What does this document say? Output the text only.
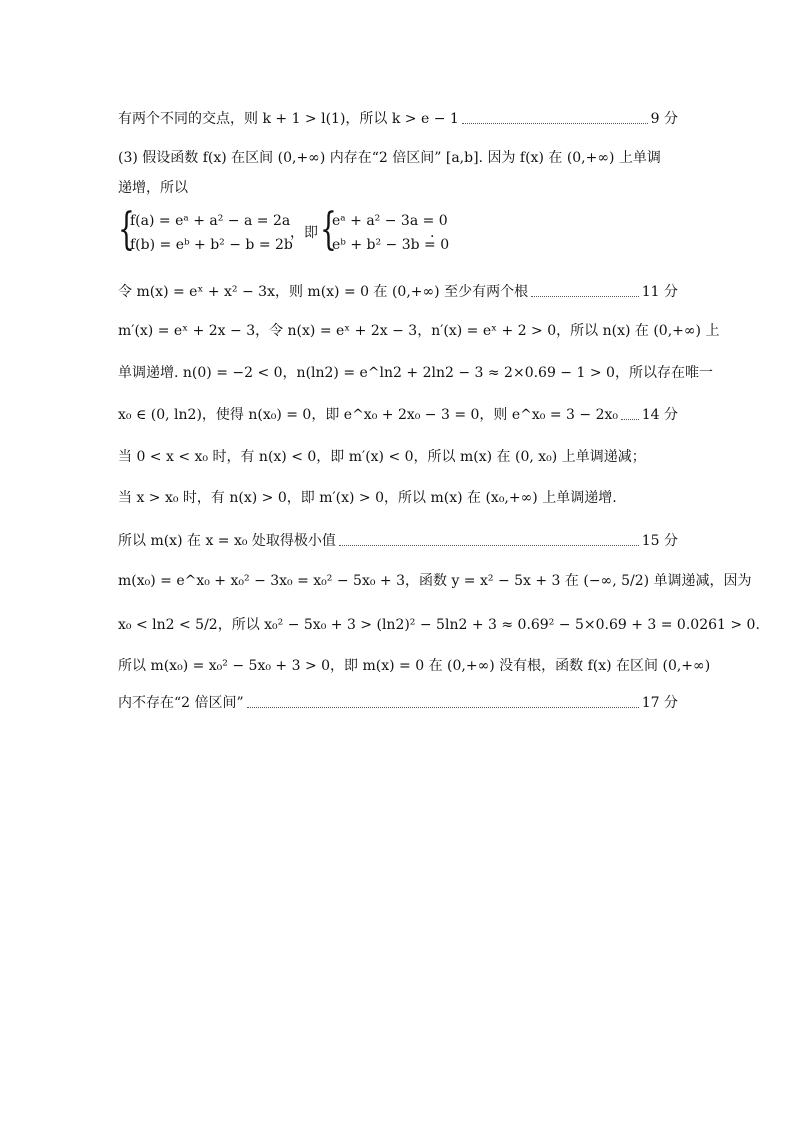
有两个不同的交点，则 k + 1 > l(1)，所以 k > e − 1	9 分
(3) 假设函数 f(x) 在区间 (0,+∞) 内存在“2 倍区间” [a,b]. 因为 f(x) 在 (0,+∞) 上单调
递增，所以
{
f(a) = eᵃ + a² − a = 2a
f(b) = eᵇ + b² − b = 2b
，即 {
eᵃ + a² − 3a = 0
eᵇ + b² − 3b = 0
.
令 m(x) = eˣ + x² − 3x，则 m(x) = 0 在 (0,+∞) 至少有两个根	11 分
m′(x) = eˣ + 2x − 3，令 n(x) = eˣ + 2x − 3，n′(x) = eˣ + 2 > 0，所以 n(x) 在 (0,+∞) 上
单调递增. n(0) = −2 < 0，n(ln2) = e^ln2 + 2ln2 − 3 ≈ 2×0.69 − 1 > 0，所以存在唯一
x₀ ∈ (0, ln2)，使得 n(x₀) = 0，即 e^x₀ + 2x₀ − 3 = 0，则 e^x₀ = 3 − 2x₀ 14 分
当 0 < x < x₀ 时，有 n(x) < 0，即 m′(x) < 0，所以 m(x) 在 (0, x₀) 上单调递减；
当 x > x₀ 时，有 n(x) > 0，即 m′(x) > 0，所以 m(x) 在 (x₀,+∞) 上单调递增.
所以 m(x) 在 x = x₀ 处取得极小值	15 分
m(x₀) = e^x₀ + x₀² − 3x₀ = x₀² − 5x₀ + 3，函数 y = x² − 5x + 3 在 (−∞, 5/2) 单调递减，因为
x₀ < ln2 < 5/2，所以 x₀² − 5x₀ + 3 > (ln2)² − 5ln2 + 3 ≈ 0.69² − 5×0.69 + 3 = 0.0261 > 0.
所以 m(x₀) = x₀² − 5x₀ + 3 > 0，即 m(x) = 0 在 (0,+∞) 没有根，函数 f(x) 在区间 (0,+∞)
内不存在“2 倍区间”	17 分
